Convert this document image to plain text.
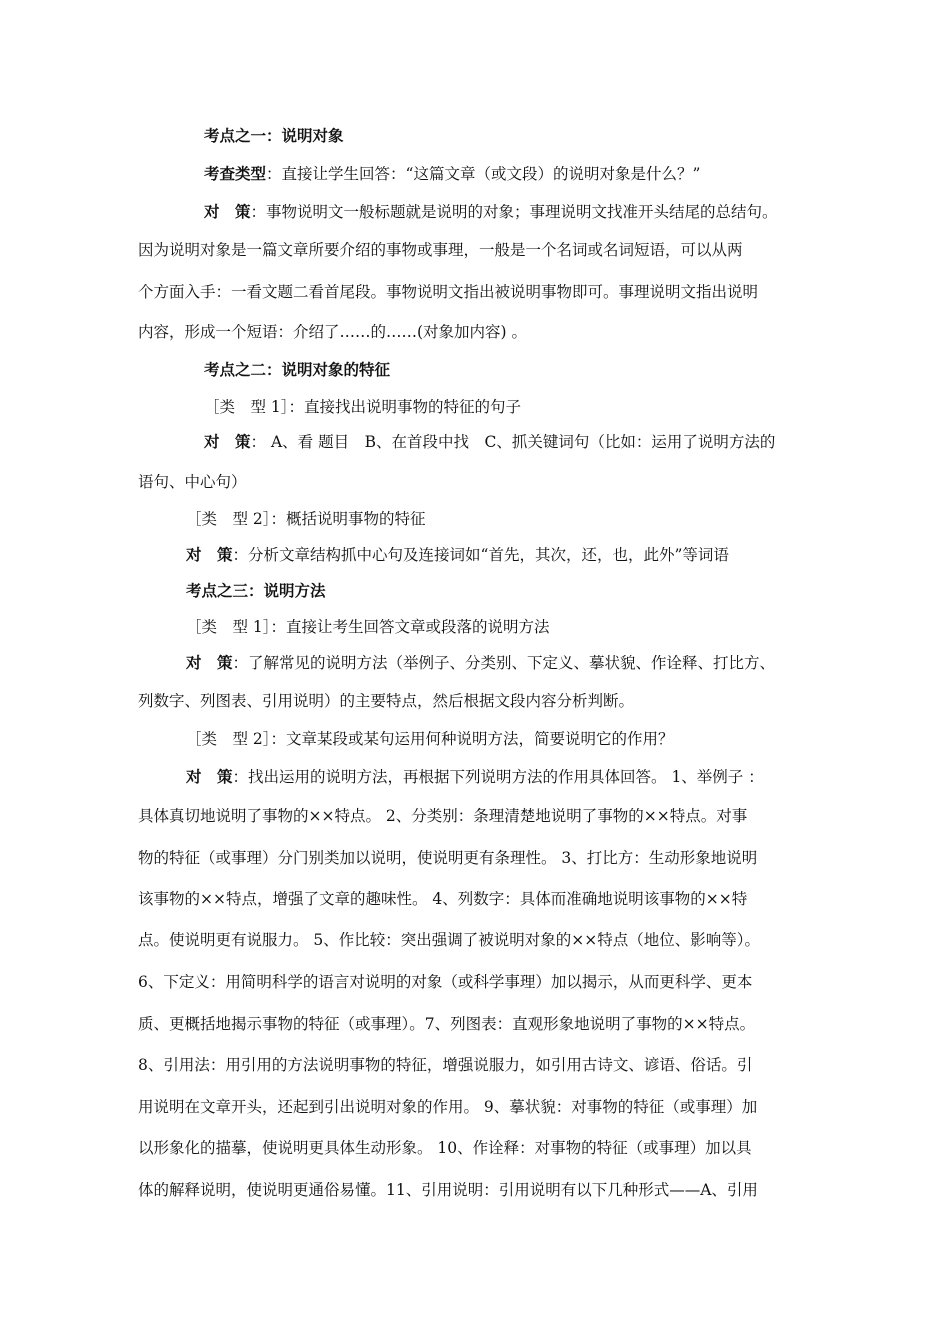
考点之一：说明对象
考查类型：直接让学生回答：“这篇文章（或文段）的说明对象是什么？”
对　策：事物说明文一般标题就是说明的对象；事理说明文找准开头结尾的总结句。
因为说明对象是一篇文章所要介绍的事物或事理，一般是一个名词或名词短语，可以从两
个方面入手：一看文题二看首尾段。事物说明文指出被说明事物即可。事理说明文指出说明
内容，形成一个短语：介绍了……的……(对象加内容) 。
考点之二：说明对象的特征
［类　型 1］：直接找出说明事物的特征的句子
对　策： A、看 题目　B、在首段中找　C、抓关键词句（比如：运用了说明方法的
语句、中心句）
［类　型 2］：概括说明事物的特征
对　策：分析文章结构抓中心句及连接词如“首先，其次，还，也，此外”等词语
考点之三：说明方法
［类　型 1］：直接让考生回答文章或段落的说明方法
对　策：了解常见的说明方法（举例子、分类别、下定义、摹状貌、作诠释、打比方、
列数字、列图表、引用说明）的主要特点，然后根据文段内容分析判断。
［类　型 2］：文章某段或某句运用何种说明方法，简要说明它的作用？
对　策：找出运用的说明方法，再根据下列说明方法的作用具体回答。 1、举例子 ：
具体真切地说明了事物的××特点。 2、分类别：条理清楚地说明了事物的××特点。对事
物的特征（或事理）分门别类加以说明，使说明更有条理性。 3、打比方：生动形象地说明
该事物的××特点，增强了文章的趣味性。 4、列数字：具体而准确地说明该事物的××特
点。使说明更有说服力。 5、作比较：突出强调了被说明对象的××特点（地位、影响等）。
6、下定义：用简明科学的语言对说明的对象（或科学事理）加以揭示，从而更科学、更本
质、更概括地揭示事物的特征（或事理）。7、列图表：直观形象地说明了事物的××特点。
8、引用法：用引用的方法说明事物的特征，增强说服力，如引用古诗文、谚语、俗话。引
用说明在文章开头，还起到引出说明对象的作用。 9、摹状貌：对事物的特征（或事理）加
以形象化的描摹，使说明更具体生动形象。 10、作诠释：对事物的特征（或事理）加以具
体的解释说明，使说明更通俗易懂。11、引用说明：引用说明有以下几种形式——A、引用
